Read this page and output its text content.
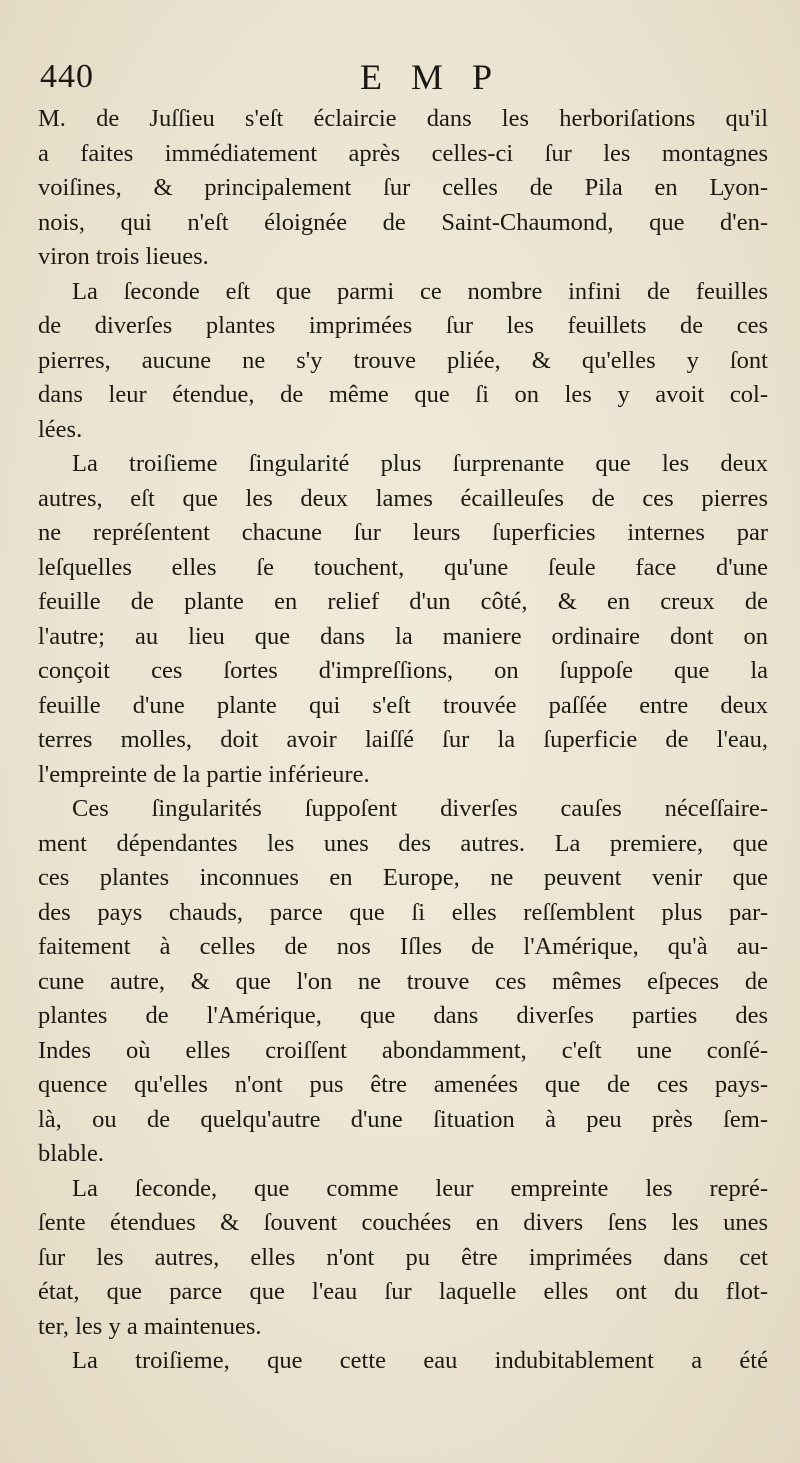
440	E M P
M. de Juſſieu s'eſt éclaircie dans les herboriſations qu'il
a faites immédiatement après celles-ci ſur les montagnes
voiſines, & principalement ſur celles de Pila en Lyon-
nois, qui n'eſt éloignée de Saint-Chaumond, que d'en-
viron trois lieues.
La ſeconde eſt que parmi ce nombre infini de feuilles
de diverſes plantes imprimées ſur les feuillets de ces
pierres, aucune ne s'y trouve pliée, & qu'elles y ſont
dans leur étendue, de même que ſi on les y avoit col-
lées.
La troiſieme ſingularité plus ſurprenante que les deux
autres, eſt que les deux lames écailleuſes de ces pierres
ne repréſentent chacune ſur leurs ſuperficies internes par
leſquelles elles ſe touchent, qu'une ſeule face d'une
feuille de plante en relief d'un côté, & en creux de
l'autre; au lieu que dans la maniere ordinaire dont on
conçoit ces ſortes d'impreſſions, on ſuppoſe que la
feuille d'une plante qui s'eſt trouvée paſſée entre deux
terres molles, doit avoir laiſſé ſur la ſuperficie de l'eau,
l'empreinte de la partie inférieure.
Ces ſingularités ſuppoſent diverſes cauſes néceſſaire-
ment dépendantes les unes des autres. La premiere, que
ces plantes inconnues en Europe, ne peuvent venir que
des pays chauds, parce que ſi elles reſſemblent plus par-
faitement à celles de nos Iſles de l'Amérique, qu'à au-
cune autre, & que l'on ne trouve ces mêmes eſpeces de
plantes de l'Amérique, que dans diverſes parties des
Indes où elles croiſſent abondamment, c'eſt une conſé-
quence qu'elles n'ont pus être amenées que de ces pays-
là, ou de quelqu'autre d'une ſituation à peu près ſem-
blable.
La ſeconde, que comme leur empreinte les repré-
ſente étendues & ſouvent couchées en divers ſens les unes
ſur les autres, elles n'ont pu être imprimées dans cet
état, que parce que l'eau ſur laquelle elles ont du flot-
ter, les y a maintenues.
La troiſieme, que cette eau indubitablement a été
